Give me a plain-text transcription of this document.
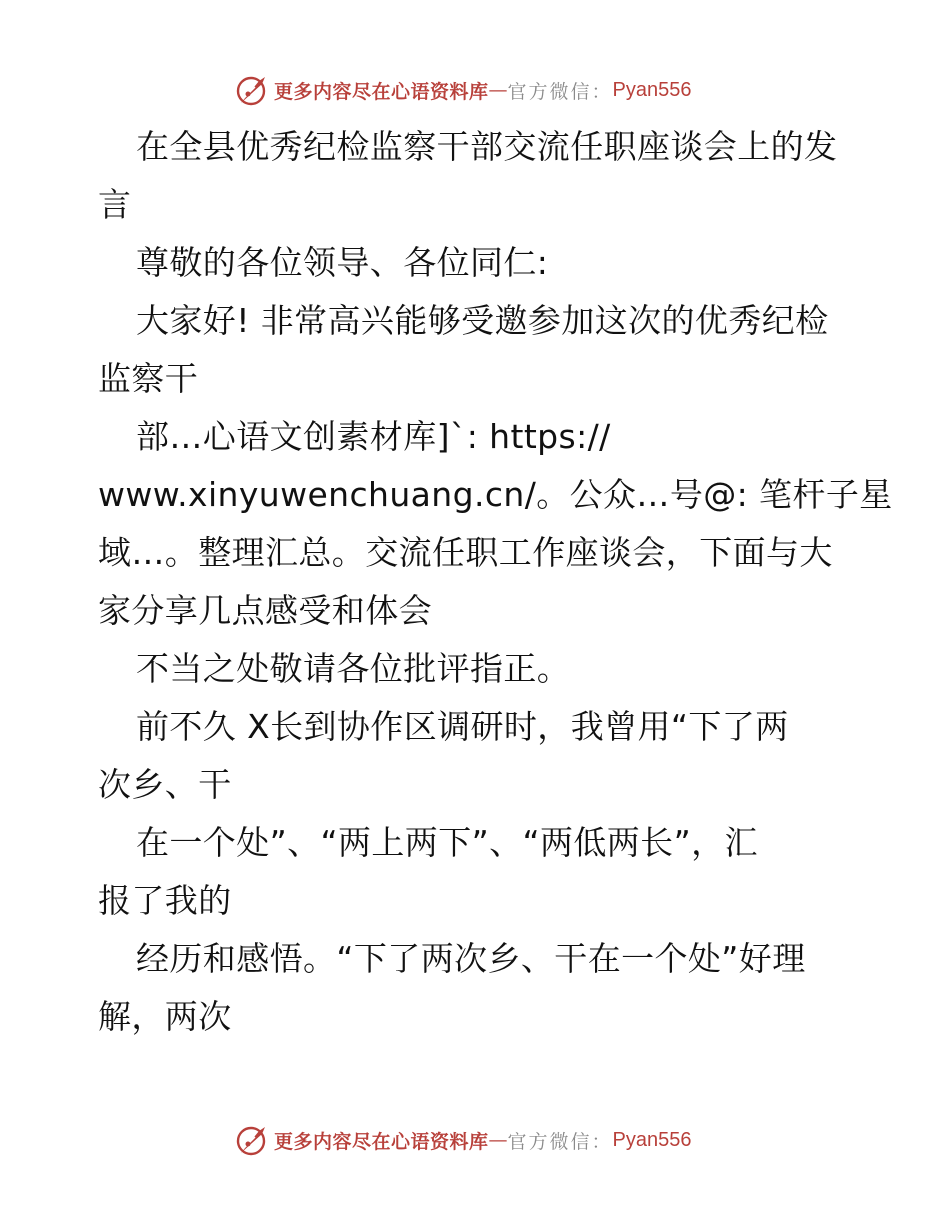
更多内容尽在心语资料库 — 官方微信： Pyan556
在全县优秀纪检监察干部交流任职座谈会上的发
言
尊敬的各位领导、各位同仁:
大家好! 非常高兴能够受邀参加这次的优秀纪检
监察干
部…心语文创素材库]`: https://
www.xinyuwenchuang.cn/。公众…号@: 笔杆子星
域…。整理汇总。交流任职工作座谈会，下面与大
家分享几点感受和体会
不当之处敬请各位批评指正。
前不久 X长到协作区调研时，我曾用“下了两
次乡、干
在一个处”、“两上两下”、“两低两长”，汇
报了我的
经历和感悟。“下了两次乡、干在一个处”好理
解，两次
更多内容尽在心语资料库 — 官方微信： Pyan556
